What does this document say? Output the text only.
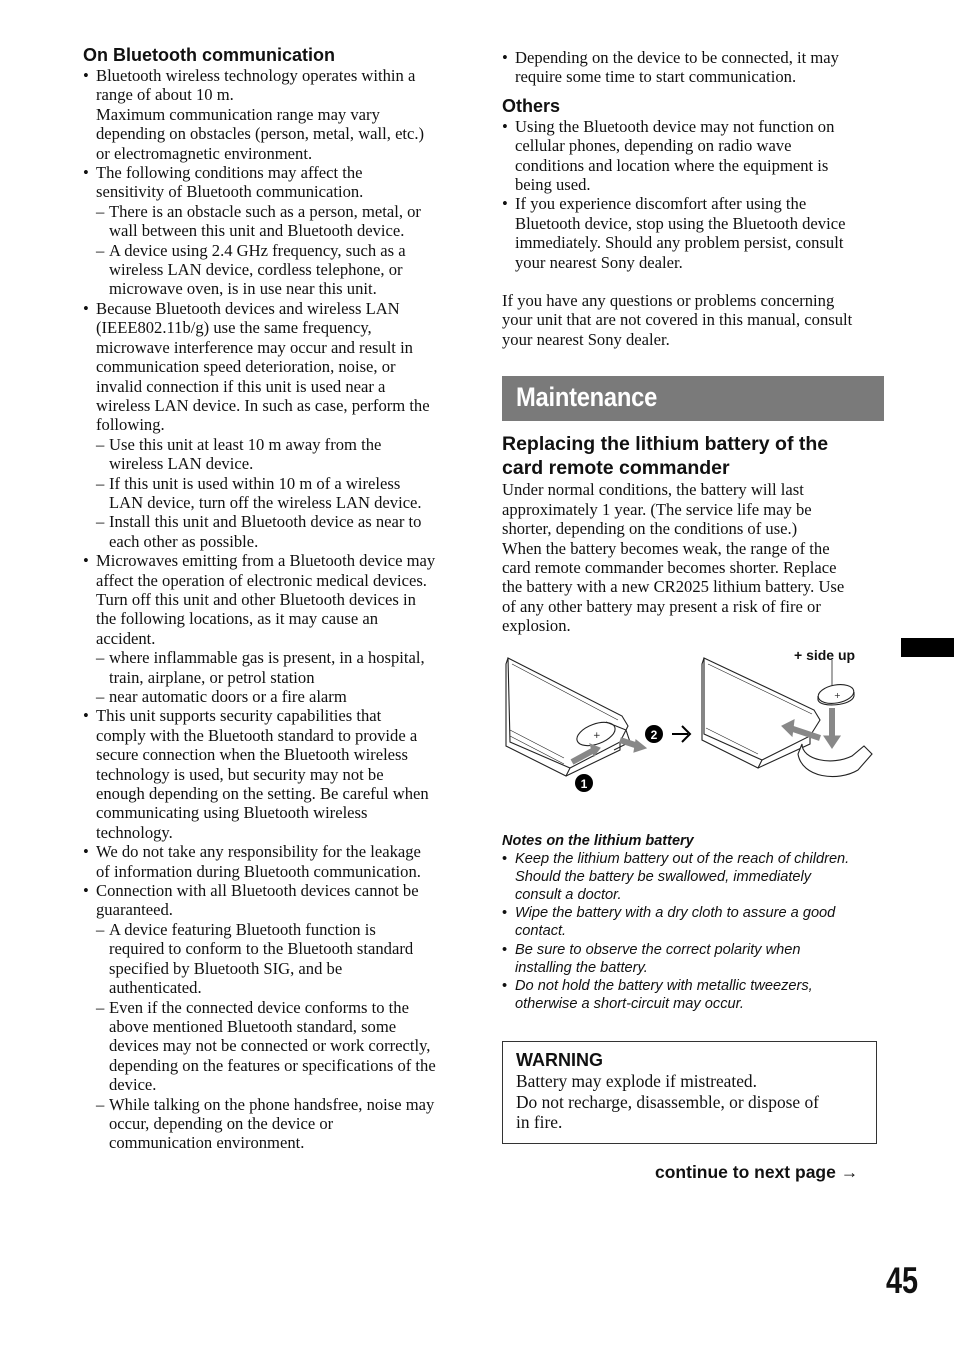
On Bluetooth communication
• Bluetooth wireless technology operates within a
range of about 10 m.
Maximum communication range may vary
depending on obstacles (person, metal, wall, etc.)
or electromagnetic environment.
• The following conditions may affect the
sensitivity of Bluetooth communication.
– There is an obstacle such as a person, metal, or
wall between this unit and Bluetooth device.
– A device using 2.4 GHz frequency, such as a
wireless LAN device, cordless telephone, or
microwave oven, is in use near this unit.
• Because Bluetooth devices and wireless LAN
(IEEE802.11b/g) use the same frequency,
microwave interference may occur and result in
communication speed deterioration, noise, or
invalid connection if this unit is used near a
wireless LAN device. In such as case, perform the
following.
– Use this unit at least 10 m away from the
wireless LAN device.
– If this unit is used within 10 m of a wireless
LAN device, turn off the wireless LAN device.
– Install this unit and Bluetooth device as near to
each other as possible.
• Microwaves emitting from a Bluetooth device may
affect the operation of electronic medical devices.
Turn off this unit and other Bluetooth devices in
the following locations, as it may cause an
accident.
– where inflammable gas is present, in a hospital,
train, airplane, or petrol station
– near automatic doors or a fire alarm
• This unit supports security capabilities that
comply with the Bluetooth standard to provide a
secure connection when the Bluetooth wireless
technology is used, but security may not be
enough depending on the setting. Be careful when
communicating using Bluetooth wireless
technology.
• We do not take any responsibility for the leakage
of information during Bluetooth communication.
• Connection with all Bluetooth devices cannot be
guaranteed.
– A device featuring Bluetooth function is
required to conform to the Bluetooth standard
specified by Bluetooth SIG, and be
authenticated.
– Even if the connected device conforms to the
above mentioned Bluetooth standard, some
devices may not be connected or work correctly,
depending on the features or specifications of the
device.
– While talking on the phone handsfree, noise may
occur, depending on the device or
communication environment.
• Depending on the device to be connected, it may
require some time to start communication.
Others
• Using the Bluetooth device may not function on
cellular phones, depending on radio wave
conditions and location where the equipment is
being used.
• If you experience discomfort after using the
Bluetooth device, stop using the Bluetooth device
immediately. Should any problem persist, consult
your nearest Sony dealer.

If you have any questions or problems concerning
your unit that are not covered in this manual, consult
your nearest Sony dealer.

Maintenance
Replacing the lithium battery of the
card remote commander

Under normal conditions, the battery will last
approximately 1 year. (The service life may be
shorter, depending on the conditions of use.)
When the battery becomes weak, the range of the
card remote commander becomes shorter. Replace
the battery with a new CR2025 lithium battery. Use
of any other battery may present a risk of fire or
explosion.

+
+
2
1
+ side up
Notes on the lithium battery
• Keep the lithium battery out of the reach of children.
Should the battery be swallowed, immediately
consult a doctor.
• Wipe the battery with a dry cloth to assure a good
contact.
• Be sure to observe the correct polarity when
installing the battery.
• Do not hold the battery with metallic tweezers,
otherwise a short-circuit may occur.
WARNING

Battery may explode if mistreated.

Do not recharge, disassemble, or dispose of
in fire.

continue to next page →
45
